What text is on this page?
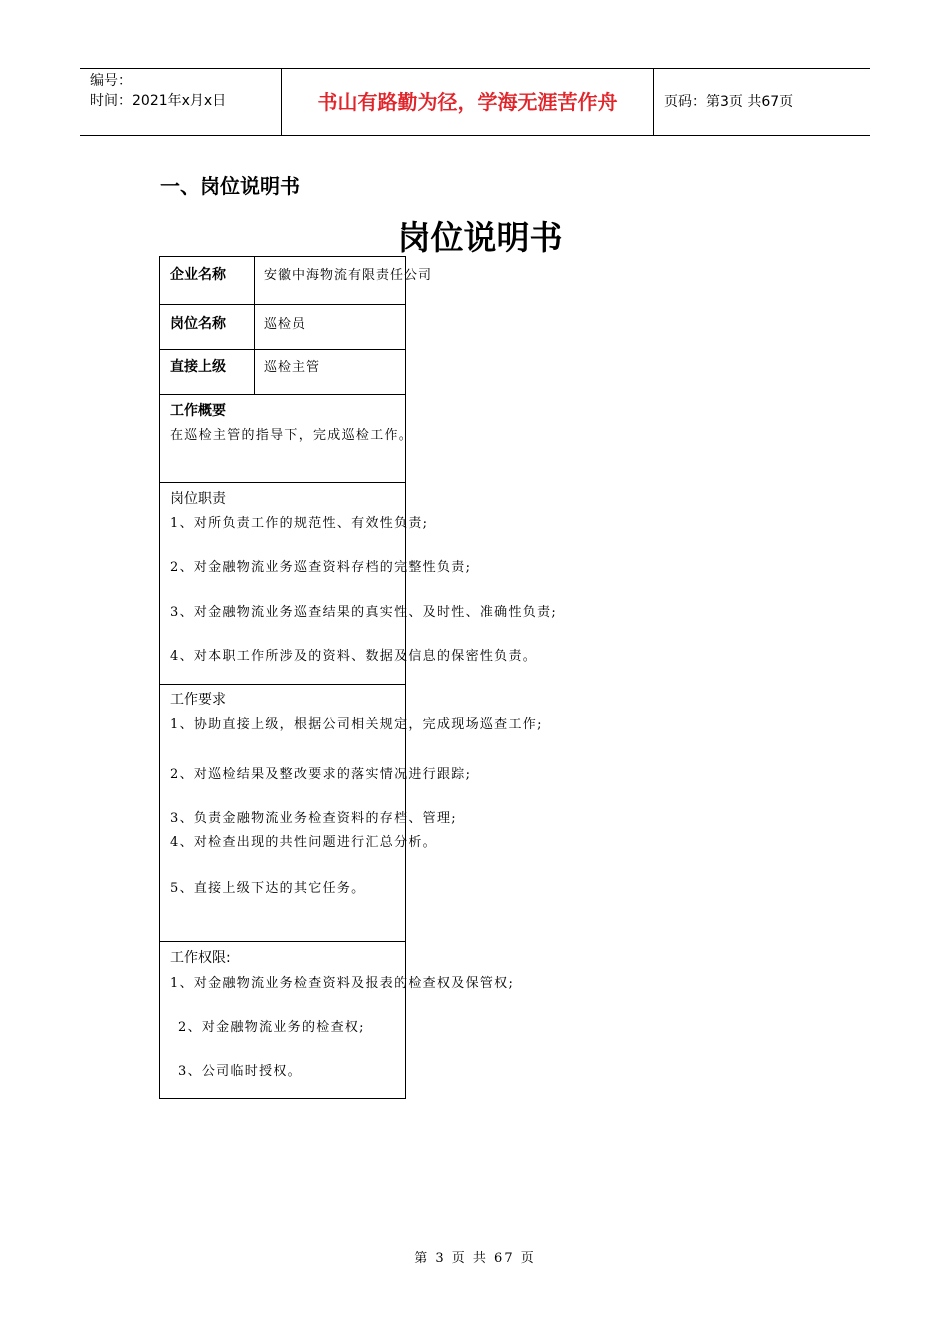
编号：
时间：2021年x月x日	书山有路勤为径，学海无涯苦作舟	页码：第3页 共67页
一、岗位说明书
岗位说明书
企业名称	安徽中海物流有限责任公司
岗位名称	巡检员
直接上级	巡检主管
工作概要
在巡检主管的指导下，完成巡检工作。
岗位职责
1、对所负责工作的规范性、有效性负责;
2、对金融物流业务巡查资料存档的完整性负责;
3、对金融物流业务巡查结果的真实性、及时性、准确性负责;
4、对本职工作所涉及的资料、数据及信息的保密性负责。
工作要求
1、协助直接上级，根据公司相关规定，完成现场巡查工作;
2、对巡检结果及整改要求的落实情况进行跟踪;
3、负责金融物流业务检查资料的存档、管理;
4、对检查出现的共性问题进行汇总分析。
5、直接上级下达的其它任务。
工作权限:
1、对金融物流业务检查资料及报表的检查权及保管权;
2、对金融物流业务的检查权;
3、公司临时授权。
第 3 页 共 67 页
